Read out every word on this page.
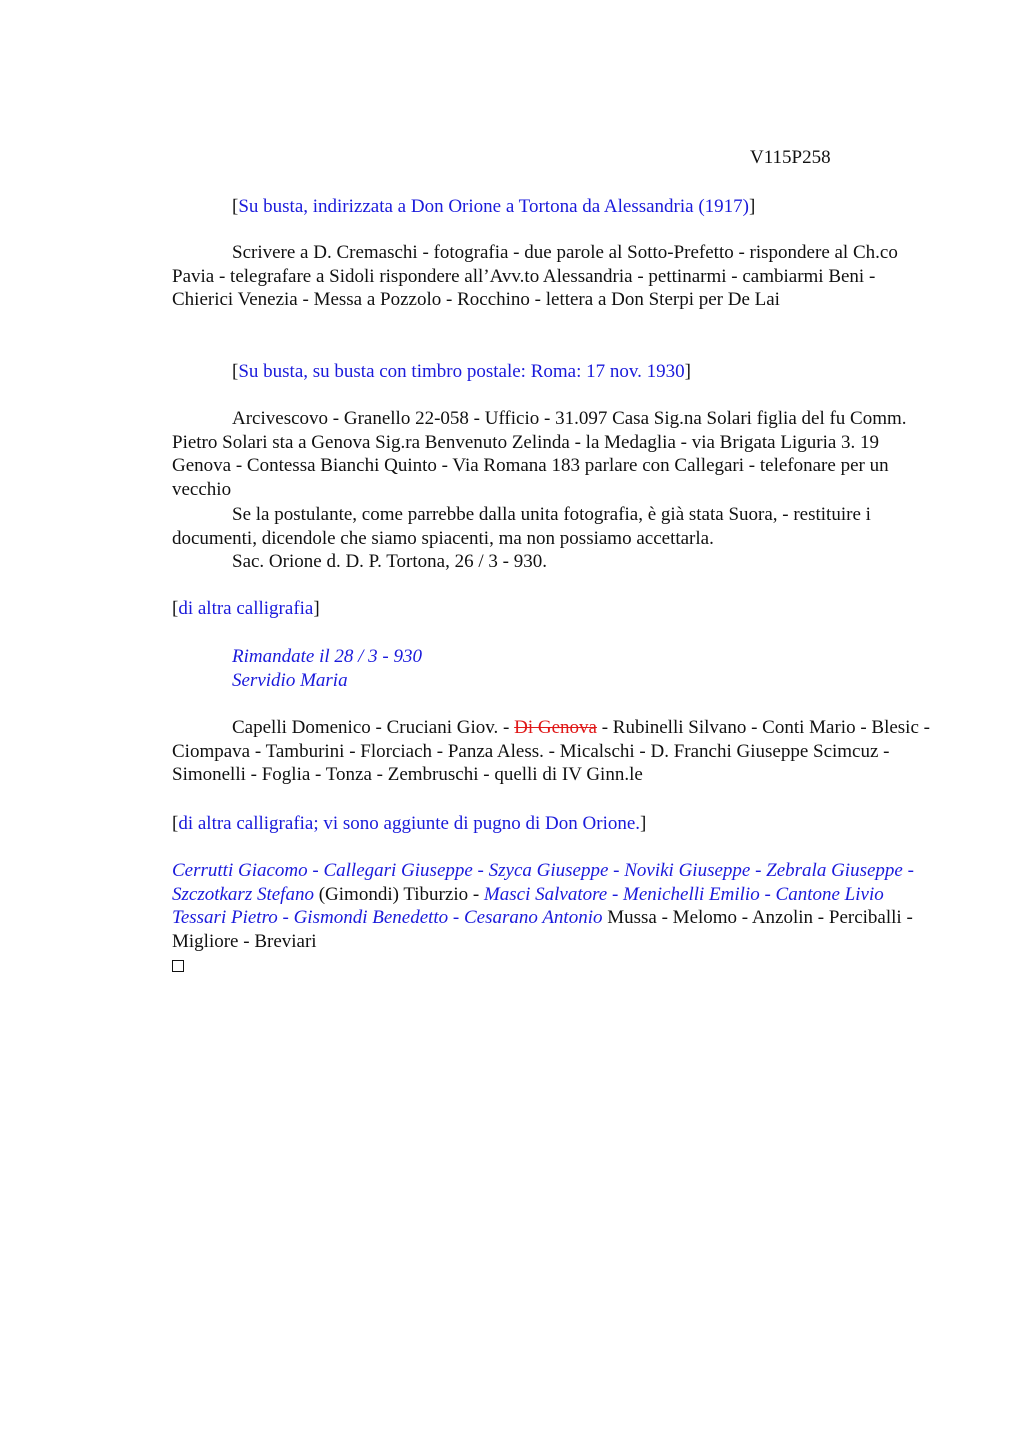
V115P258
[Su busta, indirizzata a Don Orione a Tortona da Alessandria (1917)]
Scrivere a D. Cremaschi - fotografia - due parole al Sotto-Prefetto - rispondere al Ch.co Pavia - telegrafare a Sidoli rispondere all’Avv.to Alessandria - pettinarmi - cambiarmi Beni - Chierici Venezia - Messa a Pozzolo - Rocchino - lettera a Don Sterpi per De Lai
[Su busta, su busta con timbro postale: Roma: 17 nov. 1930]
Arcivescovo - Granello 22-058 - Ufficio - 31.097 Casa Sig.na Solari figlia del fu Comm. Pietro Solari sta a Genova Sig.ra Benvenuto Zelinda - la Medaglia - via Brigata Liguria 3. 19 Genova - Contessa Bianchi Quinto - Via Romana 183 parlare con Callegari - telefonare per un vecchio
Se la postulante, come parrebbe dalla unita fotografia, è già stata Suora, - restituire i documenti, dicendole che siamo spiacenti, ma non possiamo accettarla.
Sac. Orione d. D. P. Tortona, 26 / 3 - 930.
[di altra calligrafia]
Rimandate il 28 / 3 - 930
Servidio Maria
Capelli Domenico - Cruciani Giov. - Di Genova - Rubinelli Silvano - Conti Mario - Blesic - Ciompava - Tamburini - Florciach - Panza Aless. - Micalschi - D. Franchi Giuseppe Scimcuz - Simonelli - Foglia - Tonza - Zembruschi - quelli di IV Ginn.le
[di altra calligrafia; vi sono aggiunte di pugno di Don Orione.]
Cerrutti Giacomo - Callegari Giuseppe - Szyca Giuseppe - Noviki Giuseppe - Zebrala Giuseppe - Szczotkarz Stefano (Gimondi) Tiburzio - Masci Salvatore - Menichelli Emilio - Cantone Livio Tessari Pietro - Gismondi Benedetto - Cesarano Antonio Mussa - Melomo - Anzolin - Perciballi - Migliore - Breviari
